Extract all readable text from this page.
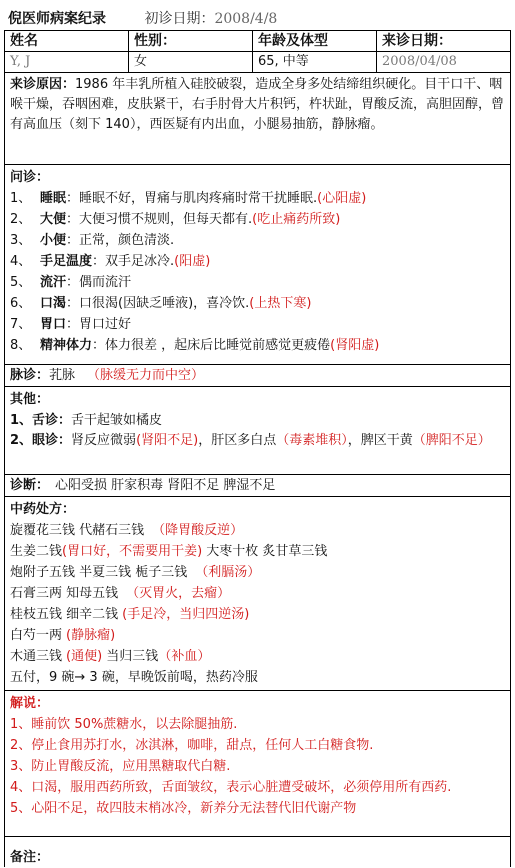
倪医师病案纪录	初诊日期：2008/4/8
姓名	性别：	年龄及体型	来诊日期：
Y, J	女	65, 中等	2008/04/08
来诊原因：1986 年丰乳所植入硅胶破裂，造成全身多处结缔组织硬化。目干口干、咽喉干燥，吞咽困难，皮肤紧干，右手肘骨大片积钙，杵状趾，胃酸反流，高胆固醇，曾有高血压（刻下 140），西医疑有内出血，小腿易抽筋，静脉瘤。
问诊：
1、 睡眠：睡眠不好，胃痛与肌肉疼痛时常干扰睡眠.(心阳虚)
2、 大便：大便习惯不规则，但每天都有.(吃止痛药所致)
3、 小便：正常，颜色清淡.
4、 手足温度：双手足冰冷.(阳虚)
5、 流汗：偶而流汗
6、 口渴：口很渴(因缺乏唾液)，喜冷饮.(上热下寒)
7、 胃口：胃口过好
8、 精神体力：体力很差 ，起床后比睡觉前感觉更疲倦(肾阳虚)
脉诊：芤脉 （脉缓无力而中空）
其他：
1、舌诊：舌干起皱如橘皮
2、眼诊：肾反应微弱(肾阳不足)，肝区多白点（毒素堆积），脾区干黄（脾阳不足）
诊断： 心阳受损 肝家积毒 肾阳不足 脾湿不足
中药处方：
旋覆花三钱 代赭石三钱 （降胃酸反逆）
生姜二钱(胃口好，不需要用干姜) 大枣十枚 炙甘草三钱
炮附子五钱 半夏三钱 栀子三钱 （利膈汤）
石膏三两 知母五钱 （灭胃火，去瘤）
桂枝五钱 细辛二钱 (手足冷，当归四逆汤)
白芍一两 (静脉瘤)
木通三钱 (通便) 当归三钱（补血）
五付，9 碗→ 3 碗，早晚饭前喝，热药冷服
解说：
1、睡前饮 50%蔗糖水，以去除腿抽筋.
2、停止食用苏打水，冰淇淋，咖啡，甜点，任何人工白糖食物.
3、防止胃酸反流，应用黑糖取代白糖.
4、口渴，服用西药所致，舌面皱纹，表示心脏遭受破坏，必须停用所有西药.
5、心阳不足，故四肢末梢冰冷，新养分无法替代旧代谢产物
备注：
